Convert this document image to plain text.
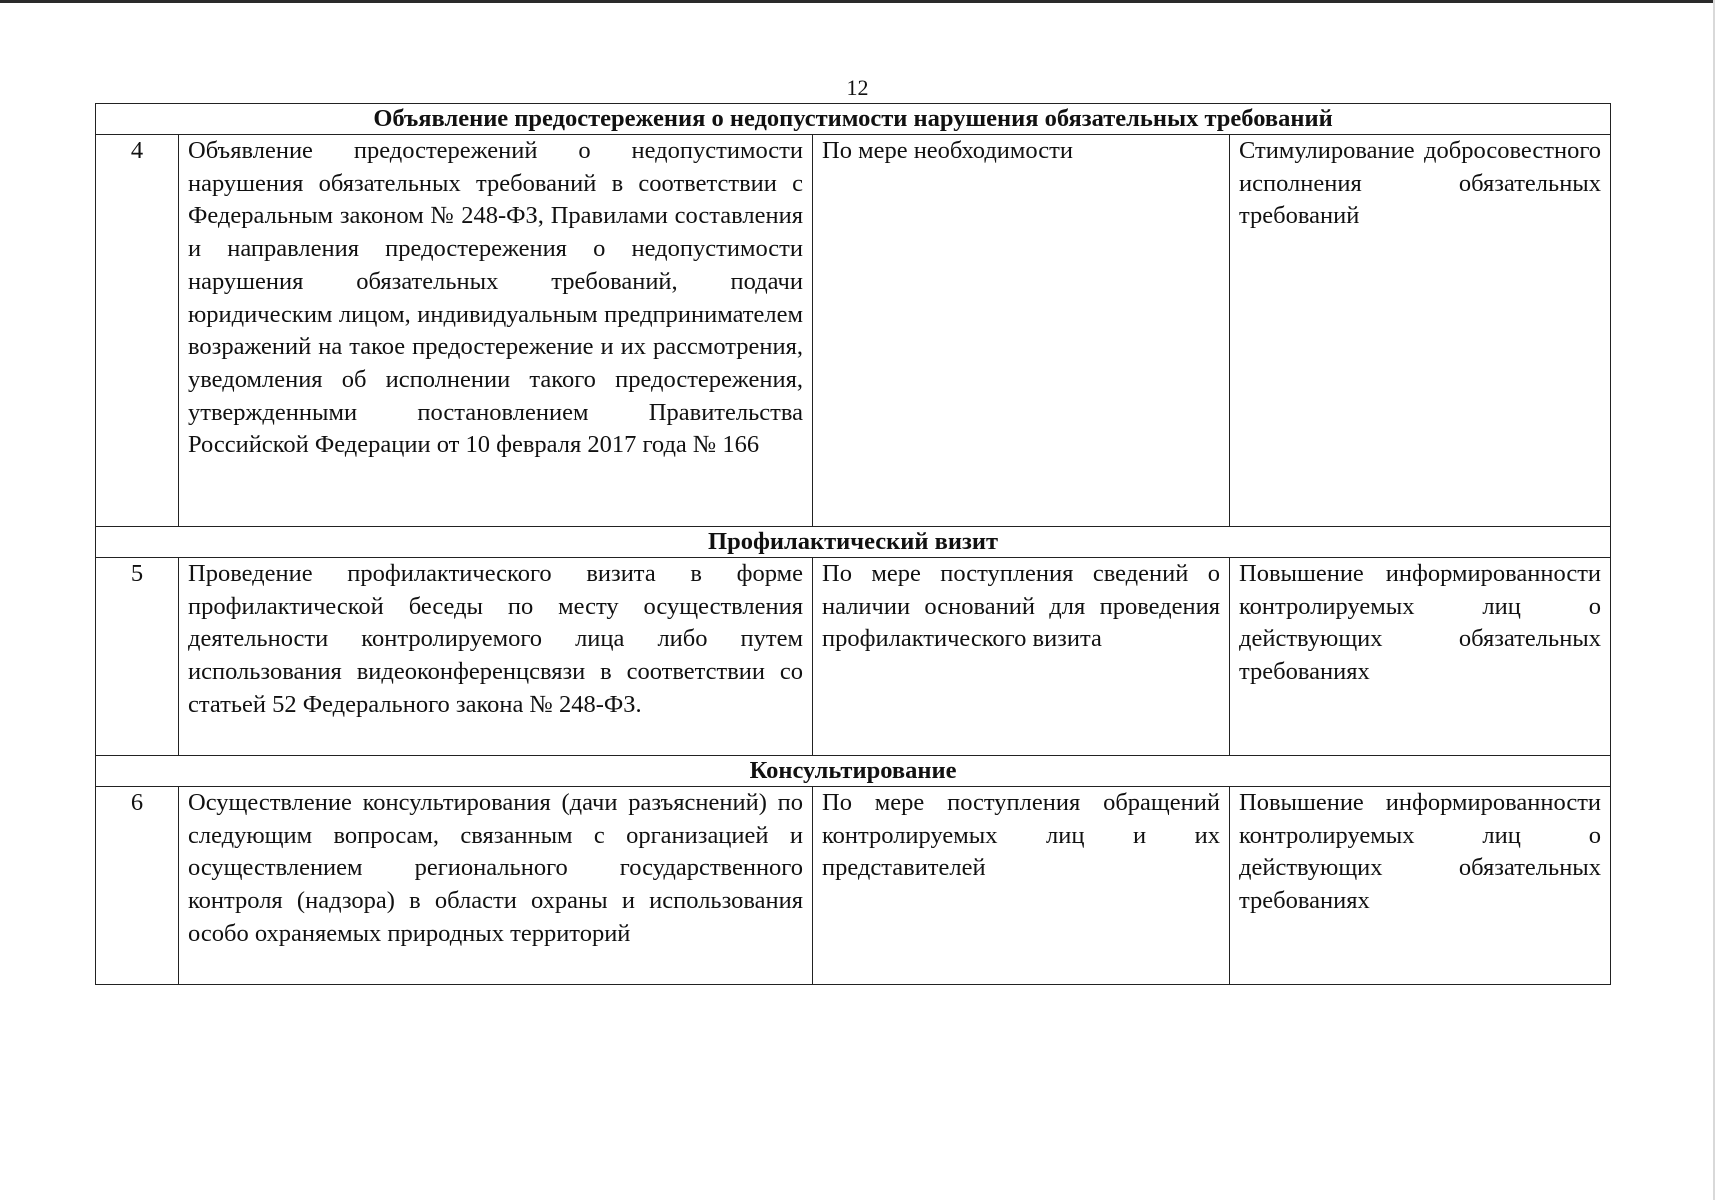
12
Объявление предостережения о недопустимости нарушения обязательных требований			
4	Объявление предостережений о недопустимости нарушения обязательных требований в соответствии с Федеральным законом № 248-ФЗ, Правилами составления и направления предостережения о недопустимости нарушения обязательных требований, подачи юридическим лицом, индивидуальным предпринимателем возражений на такое предостережение и их рассмотрения, уведомления об исполнении такого предостережения, утвержденными постановлением Правительства Российской Федерации от 10 февраля 2017 года № 166	По мере необходимости	Стимулирование добросовестного исполнения обязательных требований
Профилактический визит			
5	Проведение профилактического визита в форме профилактической беседы по месту осуществления деятельности контролируемого лица либо путем использования видеоконференцсвязи в соответствии со статьей 52 Федерального закона № 248-ФЗ.	По мере поступления сведений о наличии оснований для проведения профилактического визита	Повышение информированности контролируемых лиц о действующих обязательных требованиях
Консультирование			
6	Осуществление консультирования (дачи разъяснений) по следующим вопросам, связанным с организацией и осуществлением регионального государственного контроля (надзора) в области охраны и использования особо охраняемых природных территорий	По мере поступления обращений контролируемых лиц и их представителей	Повышение информированности контролируемых лиц о действующих обязательных требованиях
